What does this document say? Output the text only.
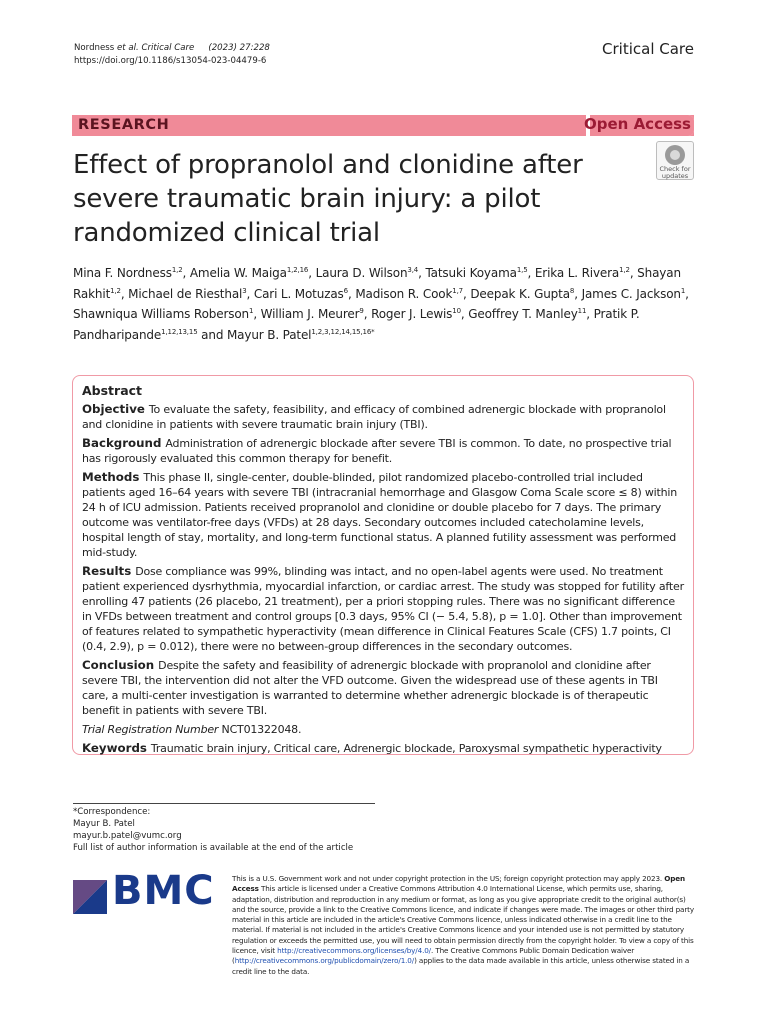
Nordness et al. Critical Care (2023) 27:228
https://doi.org/10.1186/s13054-023-04479-6
Critical Care
RESEARCH	Open Access
Effect of propranolol and clonidine after severe traumatic brain injury: a pilot randomized clinical trial
Check for
updates
Mina F. Nordness$^{1,2}$, Amelia W. Maiga$^{1,2,16}$, Laura D. Wilson$^{3,4}$, Tatsuki Koyama$^{1,5}$, Erika L. Rivera$^{1,2}$, Shayan Rakhit$^{1,2}$, Michael de Riesthal$^3$, Cari L. Motuzas$^6$, Madison R. Cook$^{1,7}$, Deepak K. Gupta$^8$, James C. Jackson$^1$, Shawniqua Williams Roberson$^1$, William J. Meurer$^9$, Roger J. Lewis$^{10}$, Geoffrey T. Manley$^{11}$, Pratik P. Pandharipande$^{1,12,13,15}$ and Mayur B. Patel$^{1,2,3,12,14,15,16*}$
Abstract

Objective To evaluate the safety, feasibility, and efficacy of combined adrenergic blockade with propranolol and clonidine in patients with severe traumatic brain injury (TBI).

Background Administration of adrenergic blockade after severe TBI is common. To date, no prospective trial has rigorously evaluated this common therapy for benefit.

Methods This phase II, single-center, double-blinded, pilot randomized placebo-controlled trial included patients aged 16–64 years with severe TBI (intracranial hemorrhage and Glasgow Coma Scale score ≤ 8) within 24 h of ICU admission. Patients received propranolol and clonidine or double placebo for 7 days. The primary outcome was ventilator-free days (VFDs) at 28 days. Secondary outcomes included catecholamine levels, hospital length of stay, mortality, and long-term functional status. A planned futility assessment was performed mid-study.

Results Dose compliance was 99%, blinding was intact, and no open-label agents were used. No treatment patient experienced dysrhythmia, myocardial infarction, or cardiac arrest. The study was stopped for futility after enrolling 47 patients (26 placebo, 21 treatment), per a priori stopping rules. There was no significant difference in VFDs between treatment and control groups [0.3 days, 95% CI (− 5.4, 5.8), p = 1.0]. Other than improvement of features related to sympathetic hyperactivity (mean difference in Clinical Features Scale (CFS) 1.7 points, CI (0.4, 2.9), p = 0.012), there were no between-group differences in the secondary outcomes.

Conclusion Despite the safety and feasibility of adrenergic blockade with propranolol and clonidine after severe TBI, the intervention did not alter the VFD outcome. Given the widespread use of these agents in TBI care, a multi-center investigation is warranted to determine whether adrenergic blockade is of therapeutic benefit in patients with severe TBI.

Trial Registration Number NCT01322048.

Keywords Traumatic brain injury, Critical care, Adrenergic blockade, Paroxysmal sympathetic hyperactivity

*Correspondence:
Mayur B. Patel
mayur.b.patel@vumc.org
Full list of author information is available at the end of the article
BMC This is a U.S. Government work and not under copyright protection in the US; foreign copyright protection may apply 2023. Open Access This article is licensed under a Creative Commons Attribution 4.0 International License, which permits use, sharing, adaptation, distribution and reproduction in any medium or format, as long as you give appropriate credit to the original author(s) and the source, provide a link to the Creative Commons licence, and indicate if changes were made. The images or other third party material in this article are included in the article's Creative Commons licence, unless indicated otherwise in a credit line to the material. If material is not included in the article's Creative Commons licence and your intended use is not permitted by statutory regulation or exceeds the permitted use, you will need to obtain permission directly from the copyright holder. To view a copy of this licence, visit http://creativecommons.org/licenses/by/4.0/. The Creative Commons Public Domain Dedication waiver (http://creativecommons.org/publicdomain/zero/1.0/) applies to the data made available in this article, unless otherwise stated in a credit line to the data.
